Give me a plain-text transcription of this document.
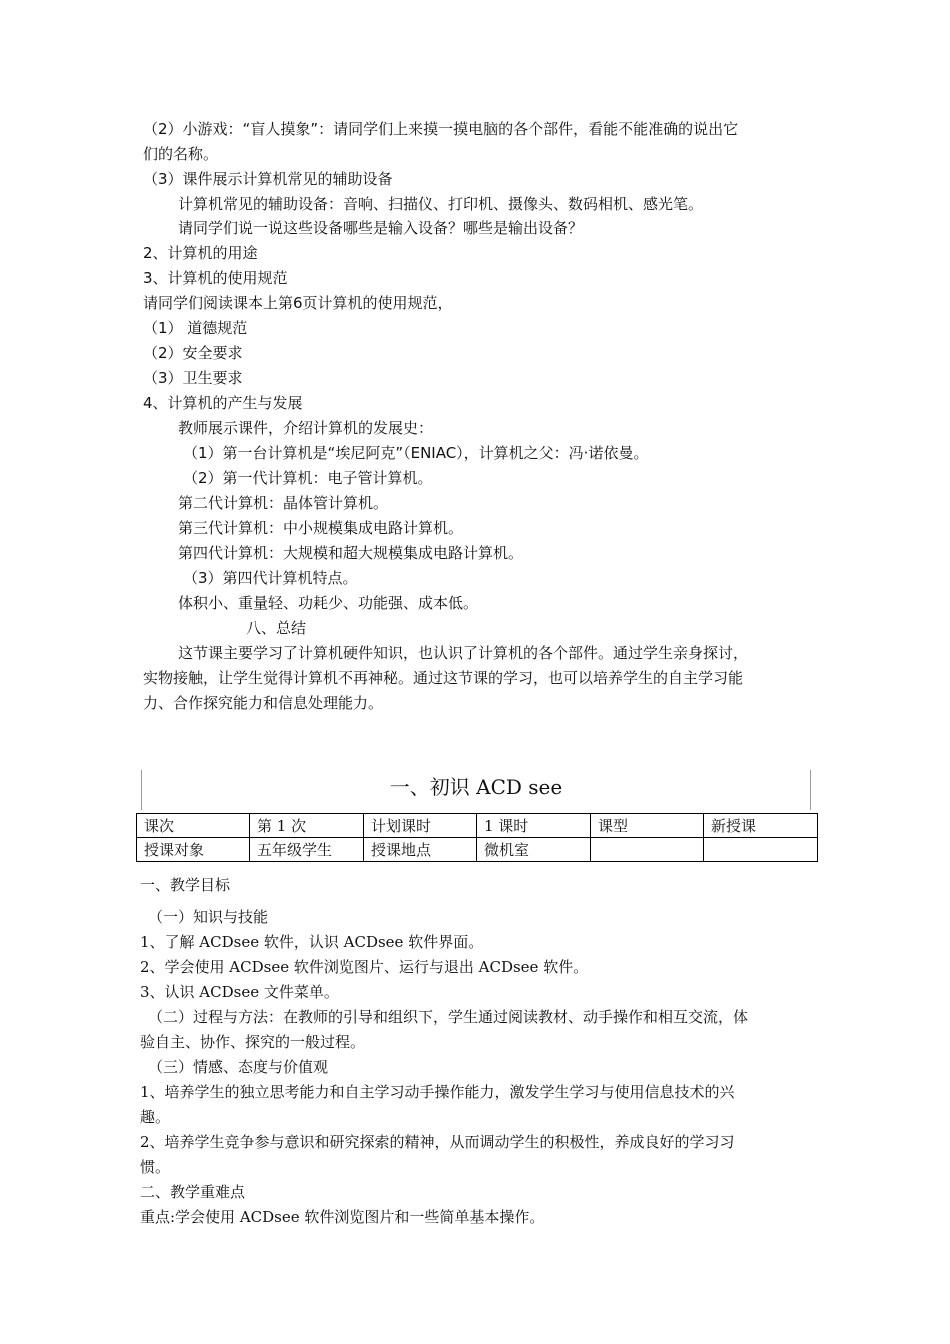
（2）小游戏：“盲人摸象”：请同学们上来摸一摸电脑的各个部件，看能不能准确的说出它
们的名称。
（3）课件展示计算机常见的辅助设备
计算机常见的辅助设备：音响、扫描仪、打印机、摄像头、数码相机、感光笔。
请同学们说一说这些设备哪些是输入设备？哪些是输出设备？
2、计算机的用途
3、计算机的使用规范
请同学们阅读课本上第6页计算机的使用规范，
（1） 道德规范
（2）安全要求
（3）卫生要求
4、计算机的产生与发展
教师展示课件，介绍计算机的发展史：
（1）第一台计算机是“埃尼阿克”（ENIAC），计算机之父：冯·诺依曼。
（2）第一代计算机：电子管计算机。
第二代计算机：晶体管计算机。
第三代计算机：中小规模集成电路计算机。
第四代计算机：大规模和超大规模集成电路计算机。
（3）第四代计算机特点。
体积小、重量轻、功耗少、功能强、成本低。
八、总结
这节课主要学习了计算机硬件知识，也认识了计算机的各个部件。通过学生亲身探讨，
实物接触，让学生觉得计算机不再神秘。通过这节课的学习，也可以培养学生的自主学习能
力、合作探究能力和信息处理能力。
一、初识 ACD see
课次	第 1 次	计划课时	1 课时	课型	新授课
授课对象	五年级学生	授课地点	微机室		
一、教学目标
（一）知识与技能
1、了解 ACDsee 软件，认识 ACDsee 软件界面。
2、学会使用 ACDsee 软件浏览图片、运行与退出 ACDsee 软件。
3、认识 ACDsee 文件菜单。
（二）过程与方法：在教师的引导和组织下，学生通过阅读教材、动手操作和相互交流，体
验自主、协作、探究的一般过程。
（三）情感、态度与价值观
1、培养学生的独立思考能力和自主学习动手操作能力，激发学生学习与使用信息技术的兴
趣。
2、培养学生竞争参与意识和研究探索的精神，从而调动学生的积极性，养成良好的学习习
惯。
二、教学重难点
重点:学会使用 ACDsee 软件浏览图片和一些简单基本操作。
